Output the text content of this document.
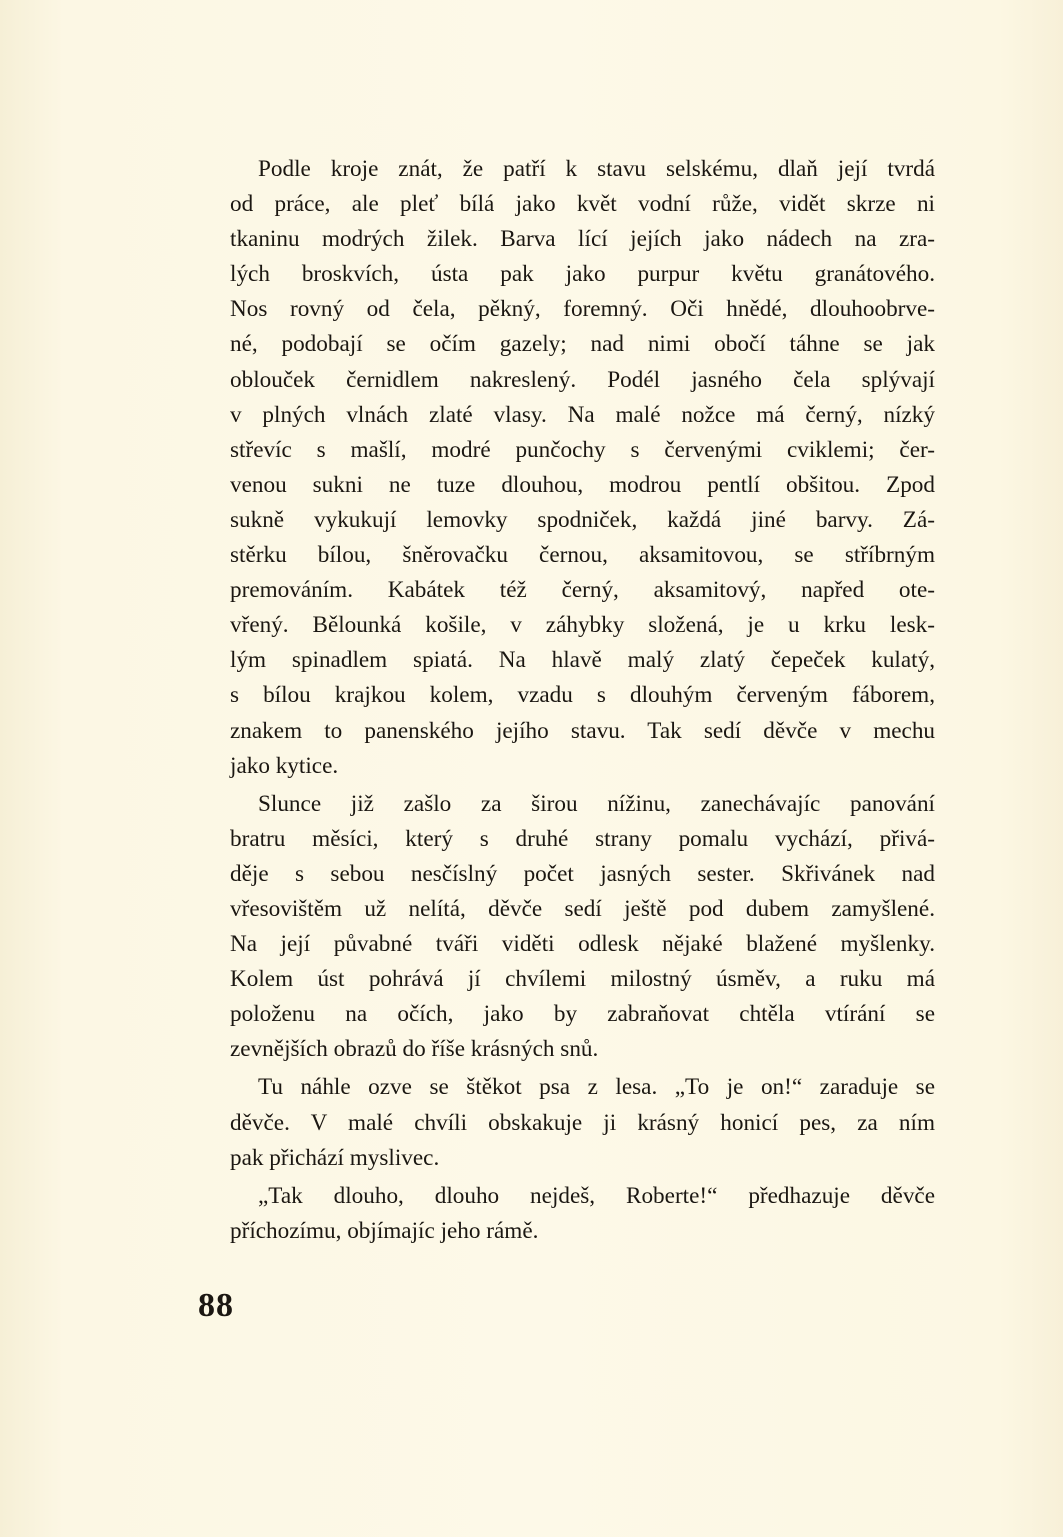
Podle kroje znát, že patří k stavu selskému, dlaň její tvrdá
od práce, ale pleť bílá jako květ vodní růže, vidět skrze ni
tkaninu modrých žilek. Barva lící jejích jako nádech na zra-
lých broskvích, ústa pak jako purpur květu granátového.
Nos rovný od čela, pěkný, foremný. Oči hnědé, dlouhoobrve-
né, podobají se očím gazely; nad nimi obočí táhne se jak
oblouček černidlem nakreslený. Podél jasného čela splývají
v plných vlnách zlaté vlasy. Na malé nožce má černý, nízký
střevíc s mašlí, modré punčochy s červenými cviklemi; čer-
venou sukni ne tuze dlouhou, modrou pentlí obšitou. Zpod
sukně vykukují lemovky spodniček, každá jiné barvy. Zá-
stěrku bílou, šněrovačku černou, aksamitovou, se stříbrným
premováním. Kabátek též černý, aksamitový, napřed ote-
vřený. Bělounká košile, v záhybky složená, je u krku lesk-
lým spinadlem spiatá. Na hlavě malý zlatý čepeček kulatý,
s bílou krajkou kolem, vzadu s dlouhým červeným fáborem,
znakem to panenského jejího stavu. Tak sedí děvče v mechu
jako kytice.
Slunce již zašlo za širou nížinu, zanechávajíc panování
bratru měsíci, který s druhé strany pomalu vychází, přivá-
děje s sebou nesčíslný počet jasných sester. Skřivánek nad
vřesovištěm už nelítá, děvče sedí ještě pod dubem zamyšlené.
Na její půvabné tváři viděti odlesk nějaké blažené myšlenky.
Kolem úst pohrává jí chvílemi milostný úsměv, a ruku má
položenu na očích, jako by zabraňovat chtěla vtírání se
zevnějších obrazů do říše krásných snů.
Tu náhle ozve se štěkot psa z lesa. „To je on!“ zaraduje se
děvče. V malé chvíli obskakuje ji krásný honicí pes, za ním
pak přichází myslivec.
„Tak dlouho, dlouho nejdeš, Roberte!“ předhazuje děvče
příchozímu, objímajíc jeho rámě.
88
